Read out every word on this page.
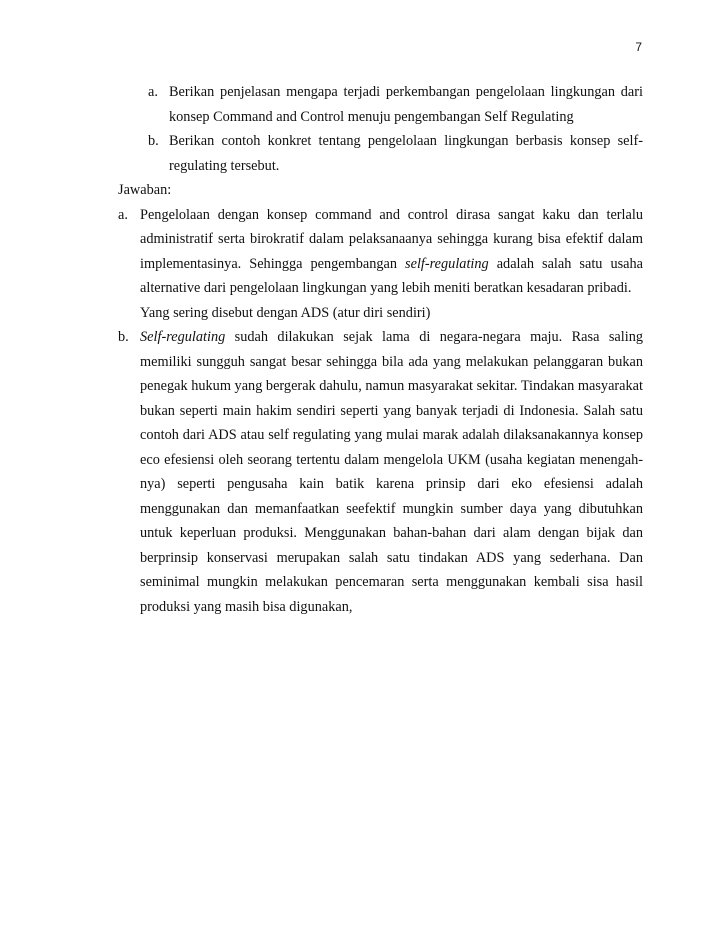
7
a. Berikan penjelasan mengapa terjadi perkembangan pengelolaan lingkungan dari konsep Command and Control menuju pengembangan Self Regulating
b. Berikan contoh konkret tentang pengelolaan lingkungan berbasis konsep self-regulating tersebut.

Jawaban:

a. Pengelolaan dengan konsep command and control dirasa sangat kaku dan terlalu administratif serta birokratif dalam pelaksanaanya sehingga kurang bisa efektif dalam implementasinya. Sehingga pengembangan self-regulating adalah salah satu usaha alternative dari pengelolaan lingkungan yang lebih meniti beratkan kesadaran pribadi.

Yang sering disebut dengan ADS (atur diri sendiri)

b. Self-regulating sudah dilakukan sejak lama di negara-negara maju. Rasa saling memiliki sungguh sangat besar sehingga bila ada yang melakukan pelanggaran bukan penegak hukum yang bergerak dahulu, namun masyarakat sekitar. Tindakan masyarakat bukan seperti main hakim sendiri seperti yang banyak terjadi di Indonesia. Salah satu contoh dari ADS atau self regulating yang mulai marak adalah dilaksanakannya konsep eco efesiensi oleh seorang tertentu dalam mengelola UKM (usaha kegiatan menengah-nya) seperti pengusaha kain batik karena prinsip dari eko efesiensi adalah menggunakan dan memanfaatkan seefektif mungkin sumber daya yang dibutuhkan untuk keperluan produksi. Menggunakan bahan-bahan dari alam dengan bijak dan berprinsip konservasi merupakan salah satu tindakan ADS yang sederhana. Dan seminimal mungkin melakukan pencemaran serta menggunakan kembali sisa hasil produksi yang masih bisa digunakan,
